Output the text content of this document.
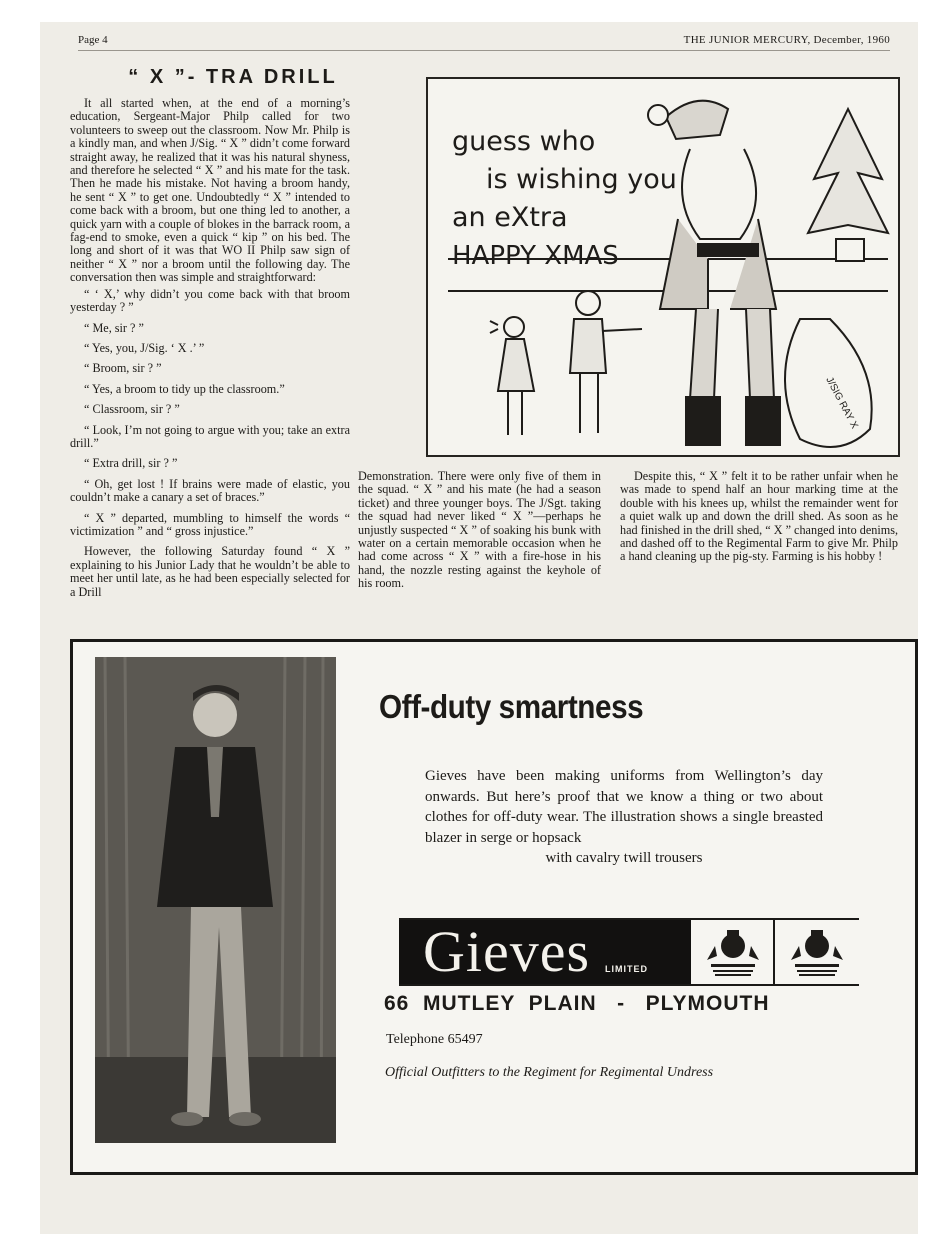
Page 4	THE JUNIOR MERCURY, December, 1960
“ X ”- TRA DRILL

It all started when, at the end of a morning’s education, Sergeant-Major Philp called for two volunteers to sweep out the classroom. Now Mr. Philp is a kindly man, and when J/Sig. “ X ” didn’t come forward straight away, he realized that it was his natural shyness, and therefore he selected “ X ” and his mate for the task. Then he made his mistake. Not having a broom handy, he sent “ X ” to get one. Undoubtedly “ X ” intended to come back with a broom, but one thing led to another, a quick yarn with a couple of blokes in the barrack room, a fag-end to smoke, even a quick “ kip ” on his bed. The long and short of it was that WO II Philp saw sign of neither “ X ” nor a broom until the following day. The conversation then was simple and straightforward:

“ ‘ X,’ why didn’t you come back with that broom yesterday ? ”

“ Me, sir ? ”

“ Yes, you, J/Sig. ‘ X .’ ”

“ Broom, sir ? ”

“ Yes, a broom to tidy up the classroom.”

“ Classroom, sir ? ”

“ Look, I’m not going to argue with you; take an extra drill.”

“ Extra drill, sir ? ”

“ Oh, get lost ! If brains were made of elastic, you couldn’t make a canary a set of braces.”

“ X ” departed, mumbling to himself the words “ victimization ” and “ gross injustice.”

However, the following Saturday found “ X ” explaining to his Junior Lady that he wouldn’t be able to meet her until late, as he had been especially selected for a Drill

Demonstration. There were only five of them in the squad. “ X ” and his mate (he had a season ticket) and three younger boys. The J/Sgt. taking the squad had never liked “ X ”—perhaps he unjustly suspected “ X ” of soaking his bunk with water on a certain memorable occasion when he had come across “ X ” with a fire-hose in his hand, the nozzle resting against the keyhole of his room.

Despite this, “ X ” felt it to be rather unfair when he was made to spend half an hour marking time at the double with his knees up, whilst the remainder went for a quiet walk up and down the drill shed. As soon as he had finished in the drill shed, “ X ” changed into denims, and dashed off to the Regimental Farm to give Mr. Philp a hand cleaning up the pig-sty. Farming is his hobby !

guess who
is wishing you
an eXtra
HAPPY XMAS
J/SIG RAY X
Off-duty smartness
Gieves have been making uniforms from Wellington’s day onwards. But here’s proof that we know a thing or two about clothes for off-duty wear. The illustration shows a single breasted blazer in serge or hopsack
with cavalry twill trousers
Gieves LIMITED
66  MUTLEY  PLAIN   -   PLYMOUTH
Telephone 65497
Official Outfitters to the Regiment for Regimental Undress
